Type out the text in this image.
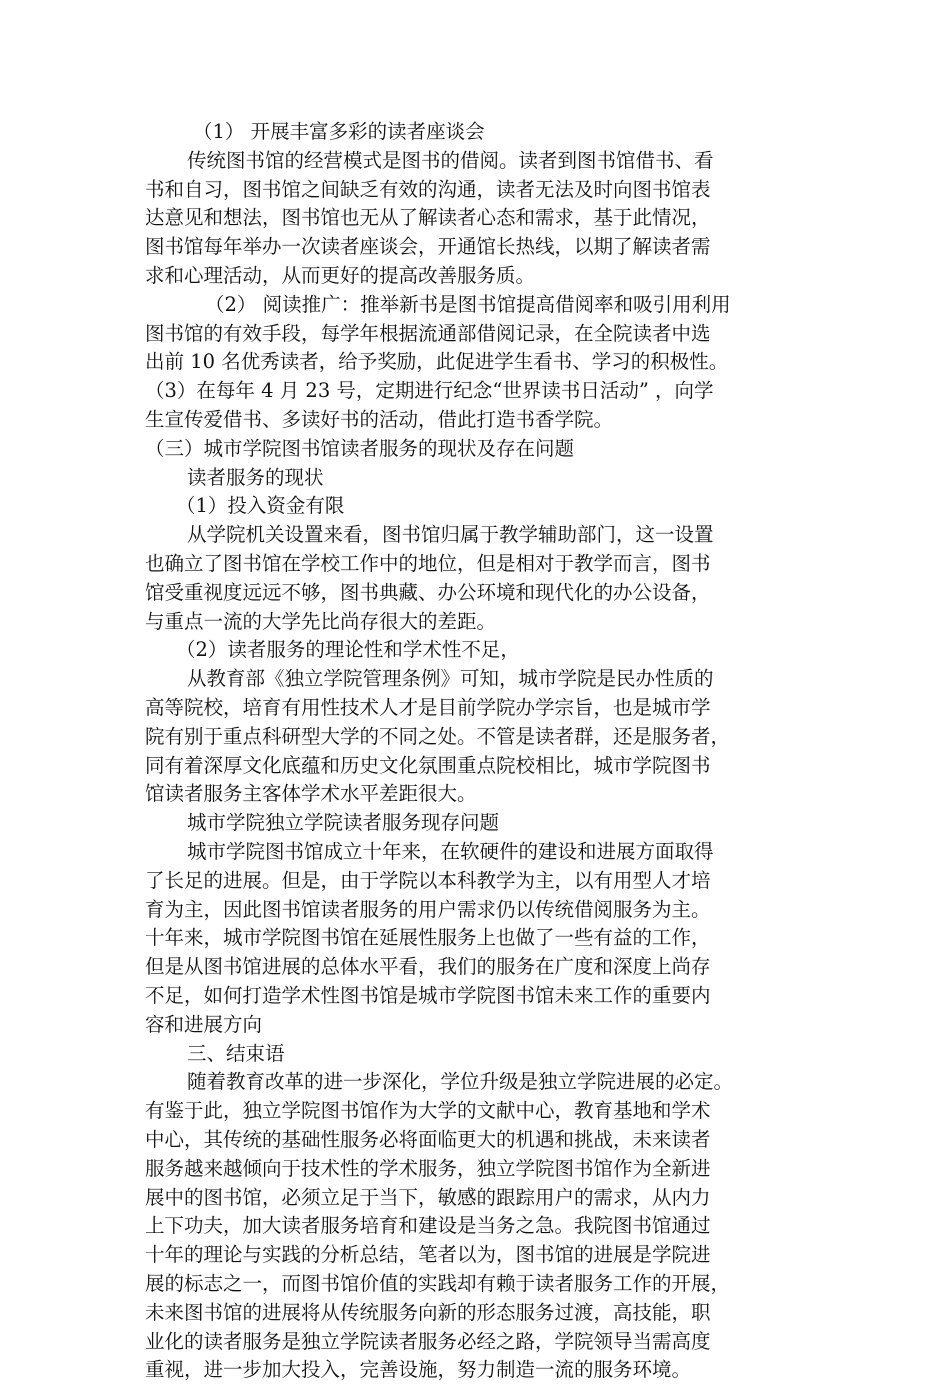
（1） 开展丰富多彩的读者座谈会
传统图书馆的经营模式是图书的借阅。读者到图书馆借书、看
书和自习，图书馆之间缺乏有效的沟通，读者无法及时向图书馆表
达意见和想法，图书馆也无从了解读者心态和需求，基于此情况，
图书馆每年举办一次读者座谈会，开通馆长热线，以期了解读者需
求和心理活动，从而更好的提高改善服务质。
（2） 阅读推广：推举新书是图书馆提高借阅率和吸引用利用
图书馆的有效手段，每学年根据流通部借阅记录，在全院读者中选
出前 10 名优秀读者，给予奖励，此促进学生看书、学习的积极性。
（3）在每年 4 月 23 号，定期进行纪念“世界读书日活动” ，向学
生宣传爱借书、多读好书的活动，借此打造书香学院。
（三）城市学院图书馆读者服务的现状及存在问题
读者服务的现状
（1）投入资金有限
从学院机关设置来看，图书馆归属于教学辅助部门，这一设置
也确立了图书馆在学校工作中的地位，但是相对于教学而言，图书
馆受重视度远远不够，图书典藏、办公环境和现代化的办公设备，
与重点一流的大学先比尚存很大的差距。
（2）读者服务的理论性和学术性不足，
从教育部《独立学院管理条例》可知，城市学院是民办性质的
高等院校，培育有用性技术人才是目前学院办学宗旨，也是城市学
院有别于重点科研型大学的不同之处。不管是读者群，还是服务者，
同有着深厚文化底蕴和历史文化氛围重点院校相比，城市学院图书
馆读者服务主客体学术水平差距很大。
城市学院独立学院读者服务现存问题
城市学院图书馆成立十年来，在软硬件的建设和进展方面取得
了长足的进展。但是，由于学院以本科教学为主，以有用型人才培
育为主，因此图书馆读者服务的用户需求仍以传统借阅服务为主。
十年来，城市学院图书馆在延展性服务上也做了一些有益的工作，
但是从图书馆进展的总体水平看，我们的服务在广度和深度上尚存
不足，如何打造学术性图书馆是城市学院图书馆未来工作的重要内
容和进展方向
三、结束语
随着教育改革的进一步深化，学位升级是独立学院进展的必定。
有鉴于此，独立学院图书馆作为大学的文献中心，教育基地和学术
中心，其传统的基础性服务必将面临更大的机遇和挑战，未来读者
服务越来越倾向于技术性的学术服务，独立学院图书馆作为全新进
展中的图书馆，必须立足于当下，敏感的跟踪用户的需求，从内力
上下功夫，加大读者服务培育和建设是当务之急。我院图书馆通过
十年的理论与实践的分析总结，笔者以为，图书馆的进展是学院进
展的标志之一，而图书馆价值的实践却有赖于读者服务工作的开展，
未来图书馆的进展将从传统服务向新的形态服务过渡，高技能，职
业化的读者服务是独立学院读者服务必经之路，学院领导当需高度
重视，进一步加大投入，完善设施，努力制造一流的服务环境。
